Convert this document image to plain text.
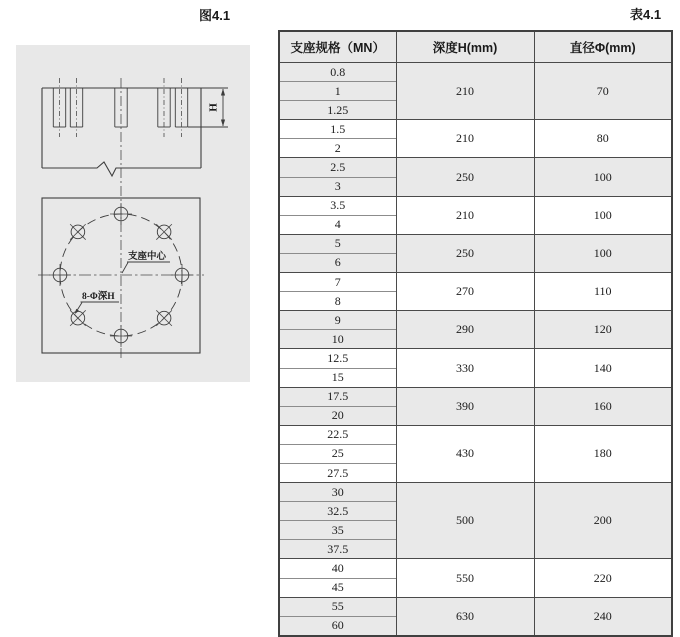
图4.1	表4.1
H
支座中心
8-Φ深H
支座规格（MN）	深度H(mm)	直径Φ(mm)
0.8	210	70
1		
1.25		
1.5	210	80
2		
2.5	250	100
3		
3.5	210	100
4		
5	250	100
6		
7	270	110
8		
9	290	120
10		
12.5	330	140
15		
17.5	390	160
20		
22.5	430	180
25		
27.5		
30	500	200
32.5		
35		
37.5		
40	550	220
45		
55	630	240
60		
